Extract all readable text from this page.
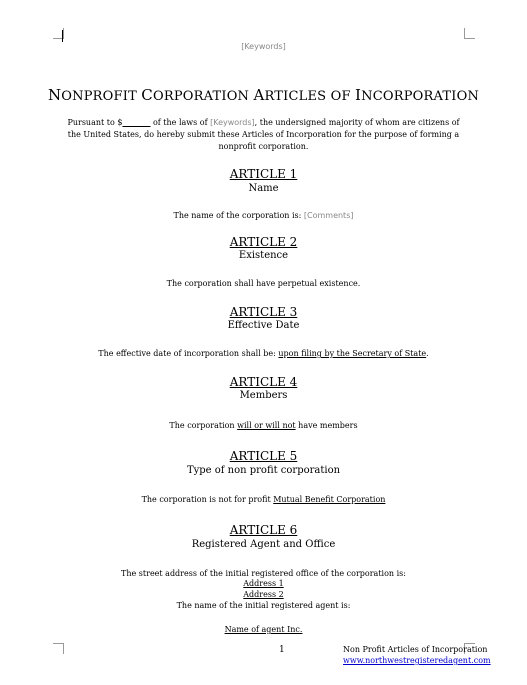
[Keywords]
NONPROFIT CORPORATION ARTICLES OF INCORPORATION
Pursuant to $_______ of the laws of [Keywords], the undersigned majority of whom are citizens of the United States, do hereby submit these Articles of Incorporation for the purpose of forming a nonprofit corporation.
ARTICLE 1
Name
The name of the corporation is: [Comments]
ARTICLE 2
Existence
The corporation shall have perpetual existence.
ARTICLE 3
Effective Date
The effective date of incorporation shall be: upon filing by the Secretary of State.
ARTICLE 4
Members
The corporation will or will not have members
ARTICLE 5
Type of non profit corporation
The corporation is not for profit Mutual Benefit Corporation
ARTICLE 6
Registered Agent and Office
The street address of the initial registered office of the corporation is:
Address 1
Address 2
The name of the initial registered agent is:
Name of agent Inc.
1	Non Profit Articles of Incorporation
www.northwestregisteredagent.com
